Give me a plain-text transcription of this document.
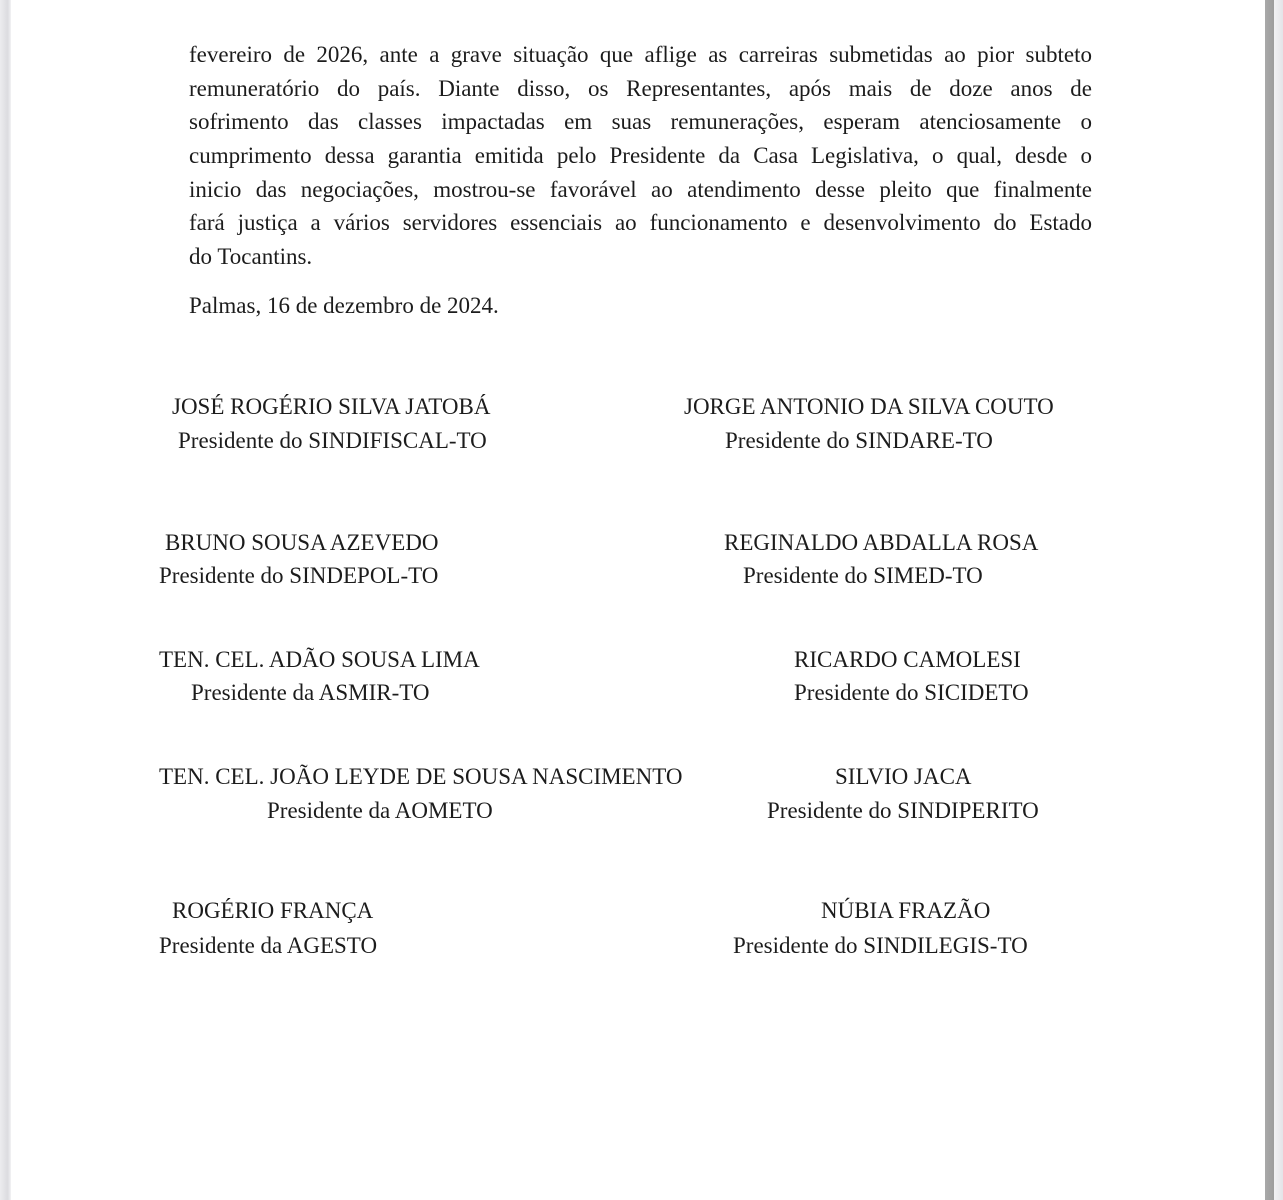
fevereiro de 2026, ante a grave situação que aflige as carreiras submetidas ao pior subteto
remuneratório do país. Diante disso, os Representantes, após mais de doze anos de
sofrimento das classes impactadas em suas remunerações, esperam atenciosamente o
cumprimento dessa garantia emitida pelo Presidente da Casa Legislativa, o qual, desde o
inicio das negociações, mostrou-se favorável ao atendimento desse pleito que finalmente
fará justiça a vários servidores essenciais ao funcionamento e desenvolvimento do Estado
do Tocantins.
Palmas, 16 de dezembro de 2024.
JOSÉ ROGÉRIO SILVA JATOBÁ
Presidente do SINDIFISCAL-TO
JORGE ANTONIO DA SILVA COUTO
Presidente do SINDARE-TO
BRUNO SOUSA AZEVEDO
Presidente do SINDEPOL-TO
REGINALDO ABDALLA ROSA
Presidente do SIMED-TO
TEN. CEL. ADÃO SOUSA LIMA
Presidente da ASMIR-TO
RICARDO CAMOLESI
Presidente do SICIDETO
TEN. CEL. JOÃO LEYDE DE SOUSA NASCIMENTO
Presidente da AOMETO
SILVIO JACA
Presidente do SINDIPERITO
ROGÉRIO FRANÇA
Presidente da AGESTO
NÚBIA FRAZÃO
Presidente do SINDILEGIS-TO
